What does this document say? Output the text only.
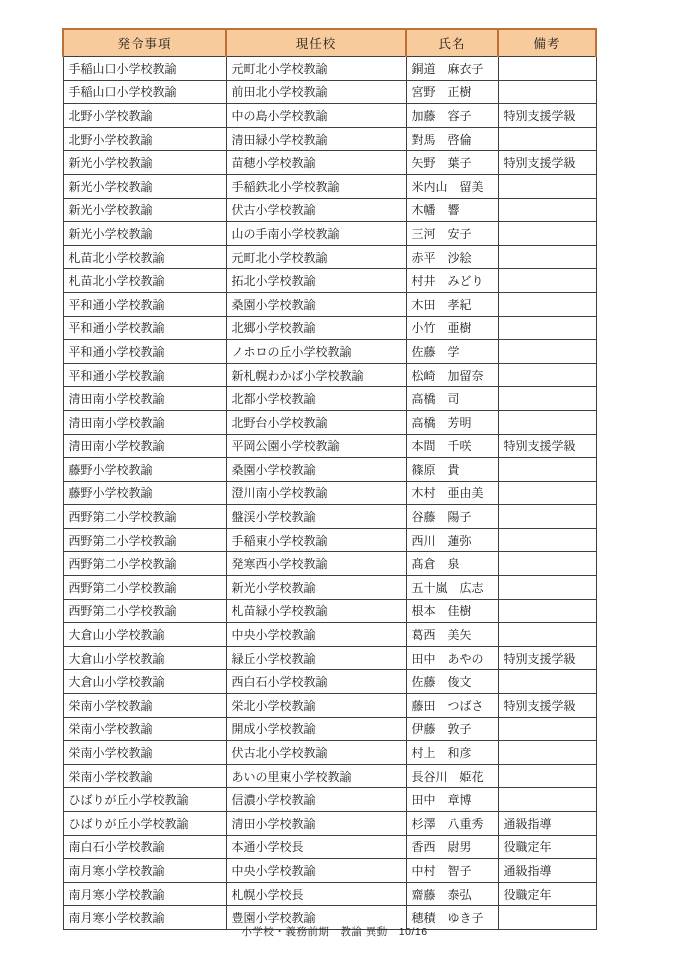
発令事項	現任校	氏名	備考
手稲山口小学校教諭	元町北小学校教諭	銅道　麻衣子	
手稲山口小学校教諭	前田北小学校教諭	宮野　正樹	
北野小学校教諭	中の島小学校教諭	加藤　容子	特別支援学級
北野小学校教諭	清田緑小学校教諭	對馬　啓倫	
新光小学校教諭	苗穂小学校教諭	矢野　葉子	特別支援学級
新光小学校教諭	手稲鉄北小学校教諭	米内山　留美	
新光小学校教諭	伏古小学校教諭	木幡　響	
新光小学校教諭	山の手南小学校教諭	三河　安子	
札苗北小学校教諭	元町北小学校教諭	赤平　沙絵	
札苗北小学校教諭	拓北小学校教諭	村井　みどり	
平和通小学校教諭	桑園小学校教諭	木田　孝紀	
平和通小学校教諭	北郷小学校教諭	小竹　亜樹	
平和通小学校教諭	ノホロの丘小学校教諭	佐藤　学	
平和通小学校教諭	新札幌わかば小学校教諭	松崎　加留奈	
清田南小学校教諭	北都小学校教諭	高橋　司	
清田南小学校教諭	北野台小学校教諭	高橋　芳明	
清田南小学校教諭	平岡公園小学校教諭	本間　千咲	特別支援学級
藤野小学校教諭	桑園小学校教諭	篠原　貴	
藤野小学校教諭	澄川南小学校教諭	木村　亜由美	
西野第二小学校教諭	盤渓小学校教諭	谷藤　陽子	
西野第二小学校教諭	手稲東小学校教諭	西川　蓮弥	
西野第二小学校教諭	発寒西小学校教諭	髙倉　泉	
西野第二小学校教諭	新光小学校教諭	五十嵐　広志	
西野第二小学校教諭	札苗緑小学校教諭	根本　佳樹	
大倉山小学校教諭	中央小学校教諭	葛西　美矢	
大倉山小学校教諭	緑丘小学校教諭	田中　あやの	特別支援学級
大倉山小学校教諭	西白石小学校教諭	佐藤　俊文	
栄南小学校教諭	栄北小学校教諭	藤田　つばさ	特別支援学級
栄南小学校教諭	開成小学校教諭	伊藤　敦子	
栄南小学校教諭	伏古北小学校教諭	村上　和彦	
栄南小学校教諭	あいの里東小学校教諭	長谷川　姫花	
ひばりが丘小学校教諭	信濃小学校教諭	田中　章博	
ひばりが丘小学校教諭	清田小学校教諭	杉澤　八重秀	通級指導
南白石小学校教諭	本通小学校長	香西　尉男	役職定年
南月寒小学校教諭	中央小学校教諭	中村　智子	通級指導
南月寒小学校教諭	札幌小学校長	齋藤　泰弘	役職定年
南月寒小学校教諭	豊園小学校教諭	穂積　ゆき子	
小学校・義務前期　教諭 異動　10/16
